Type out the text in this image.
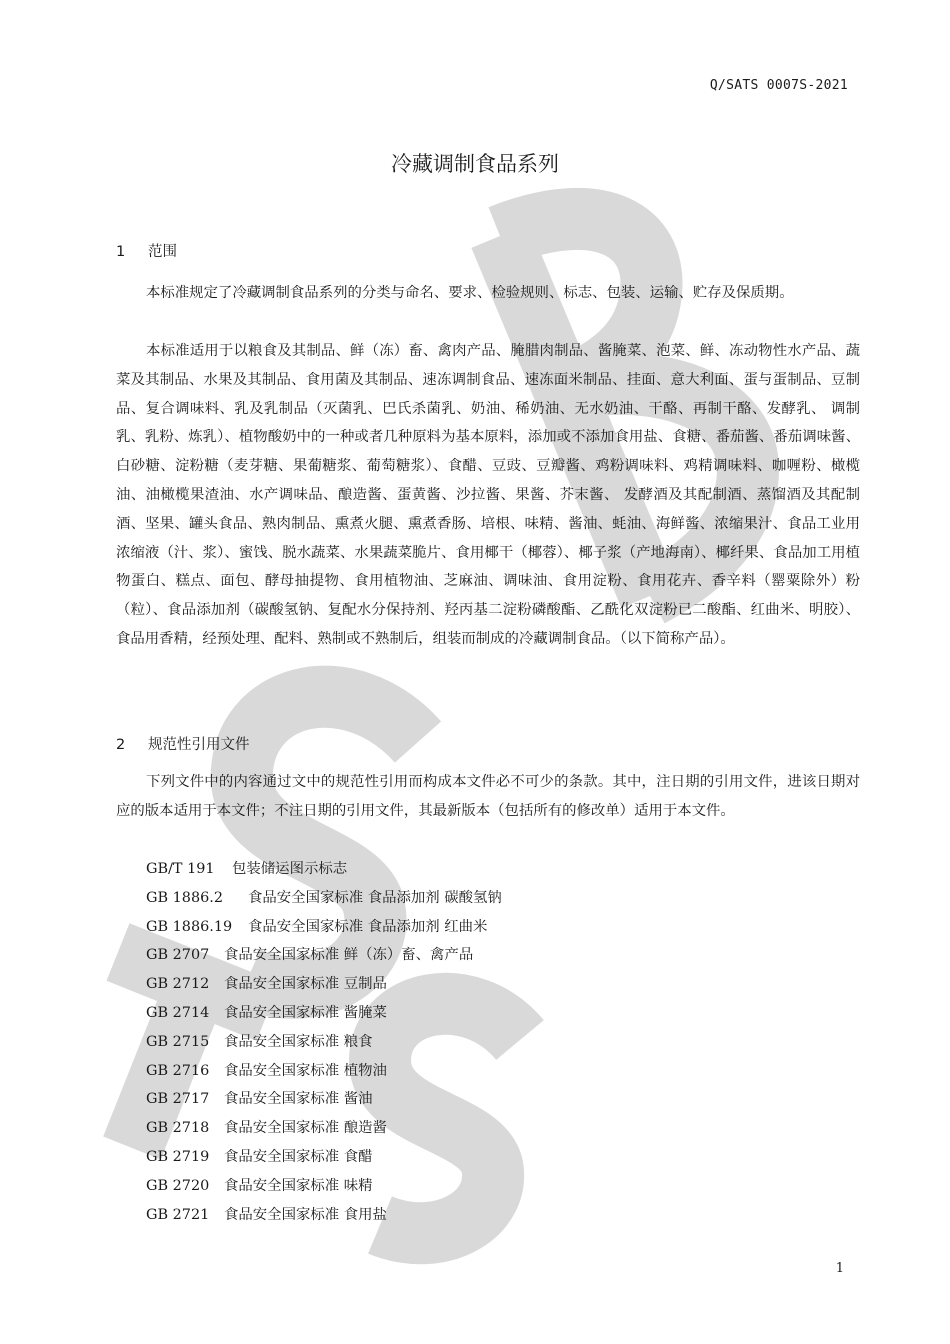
Q/SATS 0007S-2021
冷藏调制食品系列
1 范围

本标准规定了冷藏调制食品系列的分类与命名、要求、检验规则、标志、包装、运输、贮存及保质期。

本标准适用于以粮食及其制品、鲜（冻）畜、禽肉产品、腌腊肉制品、酱腌菜、泡菜、鲜、冻动物性水产品、蔬菜及其制品、水果及其制品、食用菌及其制品、速冻调制食品、速冻面米制品、挂面、意大利面、蛋与蛋制品、豆制品、复合调味料、乳及乳制品（灭菌乳、巴氏杀菌乳、奶油、稀奶油、无水奶油、干酪、再制干酪、发酵乳、 调制乳、乳粉、炼乳）、植物酸奶中的一种或者几种原料为基本原料，添加或不添加食用盐、食糖、番茄酱、番茄调味酱、白砂糖、淀粉糖（麦芽糖、果葡糖浆、葡萄糖浆）、食醋、豆豉、豆瓣酱、鸡粉调味料、鸡精调味料、咖喱粉、橄榄油、油橄榄果渣油、水产调味品、酿造酱、蛋黄酱、沙拉酱、果酱、芥末酱、 发酵酒及其配制酒、蒸馏酒及其配制酒、坚果、罐头食品、熟肉制品、熏煮火腿、熏煮香肠、培根、味精、酱油、蚝油、海鲜酱、浓缩果汁、食品工业用浓缩液（汁、浆）、蜜饯、脱水蔬菜、水果蔬菜脆片、食用椰干（椰蓉）、椰子浆（产地海南）、椰纤果、食品加工用植物蛋白、糕点、面包、酵母抽提物、食用植物油、芝麻油、调味油、食用淀粉、食用花卉、香辛料（罂粟除外）粉（粒）、食品添加剂（碳酸氢钠、复配水分保持剂、羟丙基二淀粉磷酸酯、乙酰化双淀粉已二酸酯、红曲米、明胶）、食品用香精，经预处理、配料、熟制或不熟制后，组装而制成的冷藏调制食品。（以下简称产品）。

2 规范性引用文件

下列文件中的内容通过文中的规范性引用而构成本文件必不可少的条款。其中，注日期的引用文件，进该日期对应的版本适用于本文件；不注日期的引用文件，其最新版本（包括所有的修改单）适用于本文件。

GB/T 191 包装储运图示标志
GB 1886.2 食品安全国家标准 食品添加剂 碳酸氢钠
GB 1886.19 食品安全国家标准 食品添加剂 红曲米
GB 2707 食品安全国家标准 鲜（冻）畜、禽产品
GB 2712 食品安全国家标准 豆制品
GB 2714 食品安全国家标准 酱腌菜
GB 2715 食品安全国家标准 粮食
GB 2716 食品安全国家标准 植物油
GB 2717 食品安全国家标准 酱油
GB 2718 食品安全国家标准 酿造酱
GB 2719 食品安全国家标准 食醋
GB 2720 食品安全国家标准 味精
GB 2721 食品安全国家标准 食用盐
1
